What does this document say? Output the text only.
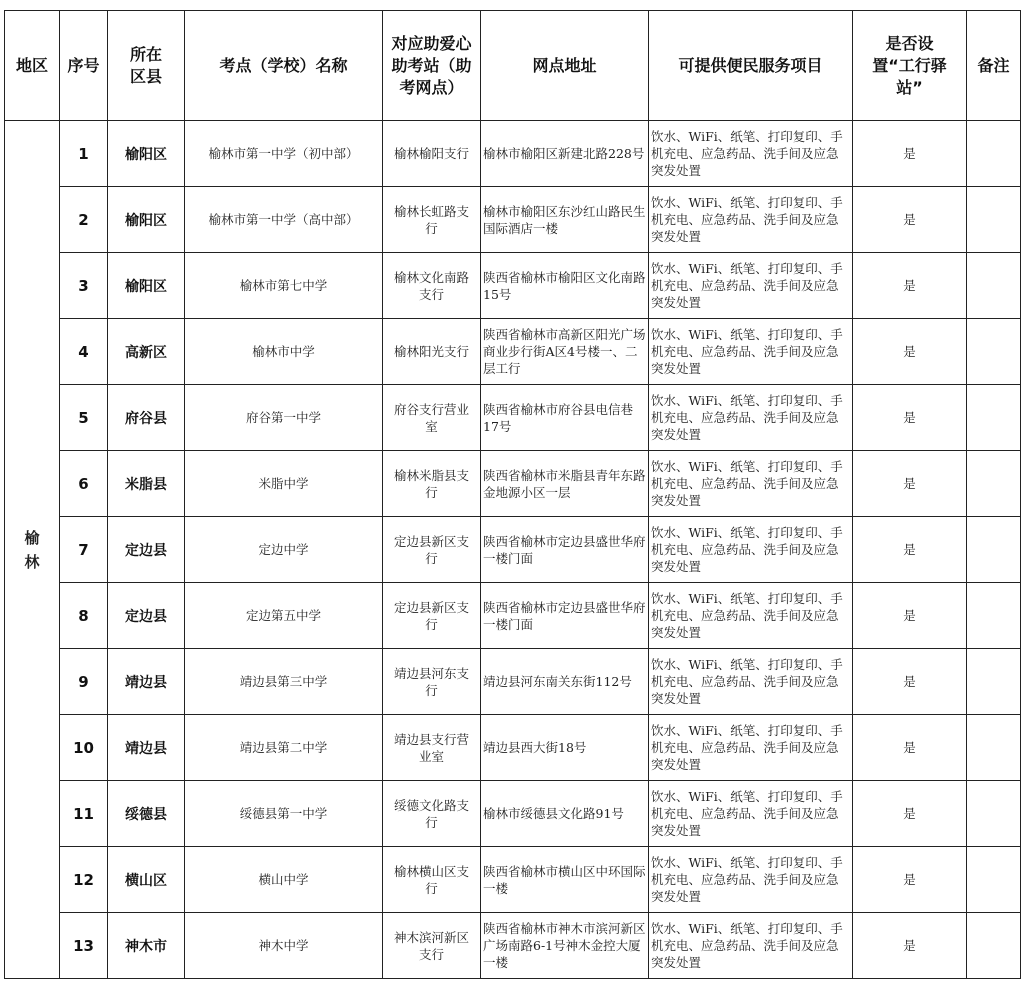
地区	序号	所在区县	考点（学校）名称	对应助爱心助考站（助考网点）	网点地址	可提供便民服务项目	是否设置“工行驿站”	备注
榆林	1	榆阳区	榆林市第一中学（初中部）	榆林榆阳支行	榆林市榆阳区新建北路228号	饮水、WiFi、纸笔、打印复印、手机充电、应急药品、洗手间及应急突发处置	是	
	2	榆阳区	榆林市第一中学（高中部）	榆林长虹路支行	榆林市榆阳区东沙红山路民生国际酒店一楼	饮水、WiFi、纸笔、打印复印、手机充电、应急药品、洗手间及应急突发处置	是	
	3	榆阳区	榆林市第七中学	榆林文化南路支行	陕西省榆林市榆阳区文化南路15号	饮水、WiFi、纸笔、打印复印、手机充电、应急药品、洗手间及应急突发处置	是	
	4	高新区	榆林市中学	榆林阳光支行	陕西省榆林市高新区阳光广场商业步行街A区4号楼一、二层工行	饮水、WiFi、纸笔、打印复印、手机充电、应急药品、洗手间及应急突发处置	是	
	5	府谷县	府谷第一中学	府谷支行营业室	陕西省榆林市府谷县电信巷17号	饮水、WiFi、纸笔、打印复印、手机充电、应急药品、洗手间及应急突发处置	是	
	6	米脂县	米脂中学	榆林米脂县支行	陕西省榆林市米脂县青年东路金地源小区一层	饮水、WiFi、纸笔、打印复印、手机充电、应急药品、洗手间及应急突发处置	是	
	7	定边县	定边中学	定边县新区支行	陕西省榆林市定边县盛世华府一楼门面	饮水、WiFi、纸笔、打印复印、手机充电、应急药品、洗手间及应急突发处置	是	
	8	定边县	定边第五中学	定边县新区支行	陕西省榆林市定边县盛世华府一楼门面	饮水、WiFi、纸笔、打印复印、手机充电、应急药品、洗手间及应急突发处置	是	
	9	靖边县	靖边县第三中学	靖边县河东支行	靖边县河东南关东街112号	饮水、WiFi、纸笔、打印复印、手机充电、应急药品、洗手间及应急突发处置	是	
	10	靖边县	靖边县第二中学	靖边县支行营业室	靖边县西大街18号	饮水、WiFi、纸笔、打印复印、手机充电、应急药品、洗手间及应急突发处置	是	
	11	绥德县	绥德县第一中学	绥德文化路支行	榆林市绥德县文化路91号	饮水、WiFi、纸笔、打印复印、手机充电、应急药品、洗手间及应急突发处置	是	
	12	横山区	横山中学	榆林横山区支行	陕西省榆林市横山区中环国际一楼	饮水、WiFi、纸笔、打印复印、手机充电、应急药品、洗手间及应急突发处置	是	
	13	神木市	神木中学	神木滨河新区支行	陕西省榆林市神木市滨河新区广场南路6-1号神木金控大厦一楼	饮水、WiFi、纸笔、打印复印、手机充电、应急药品、洗手间及应急突发处置	是	
